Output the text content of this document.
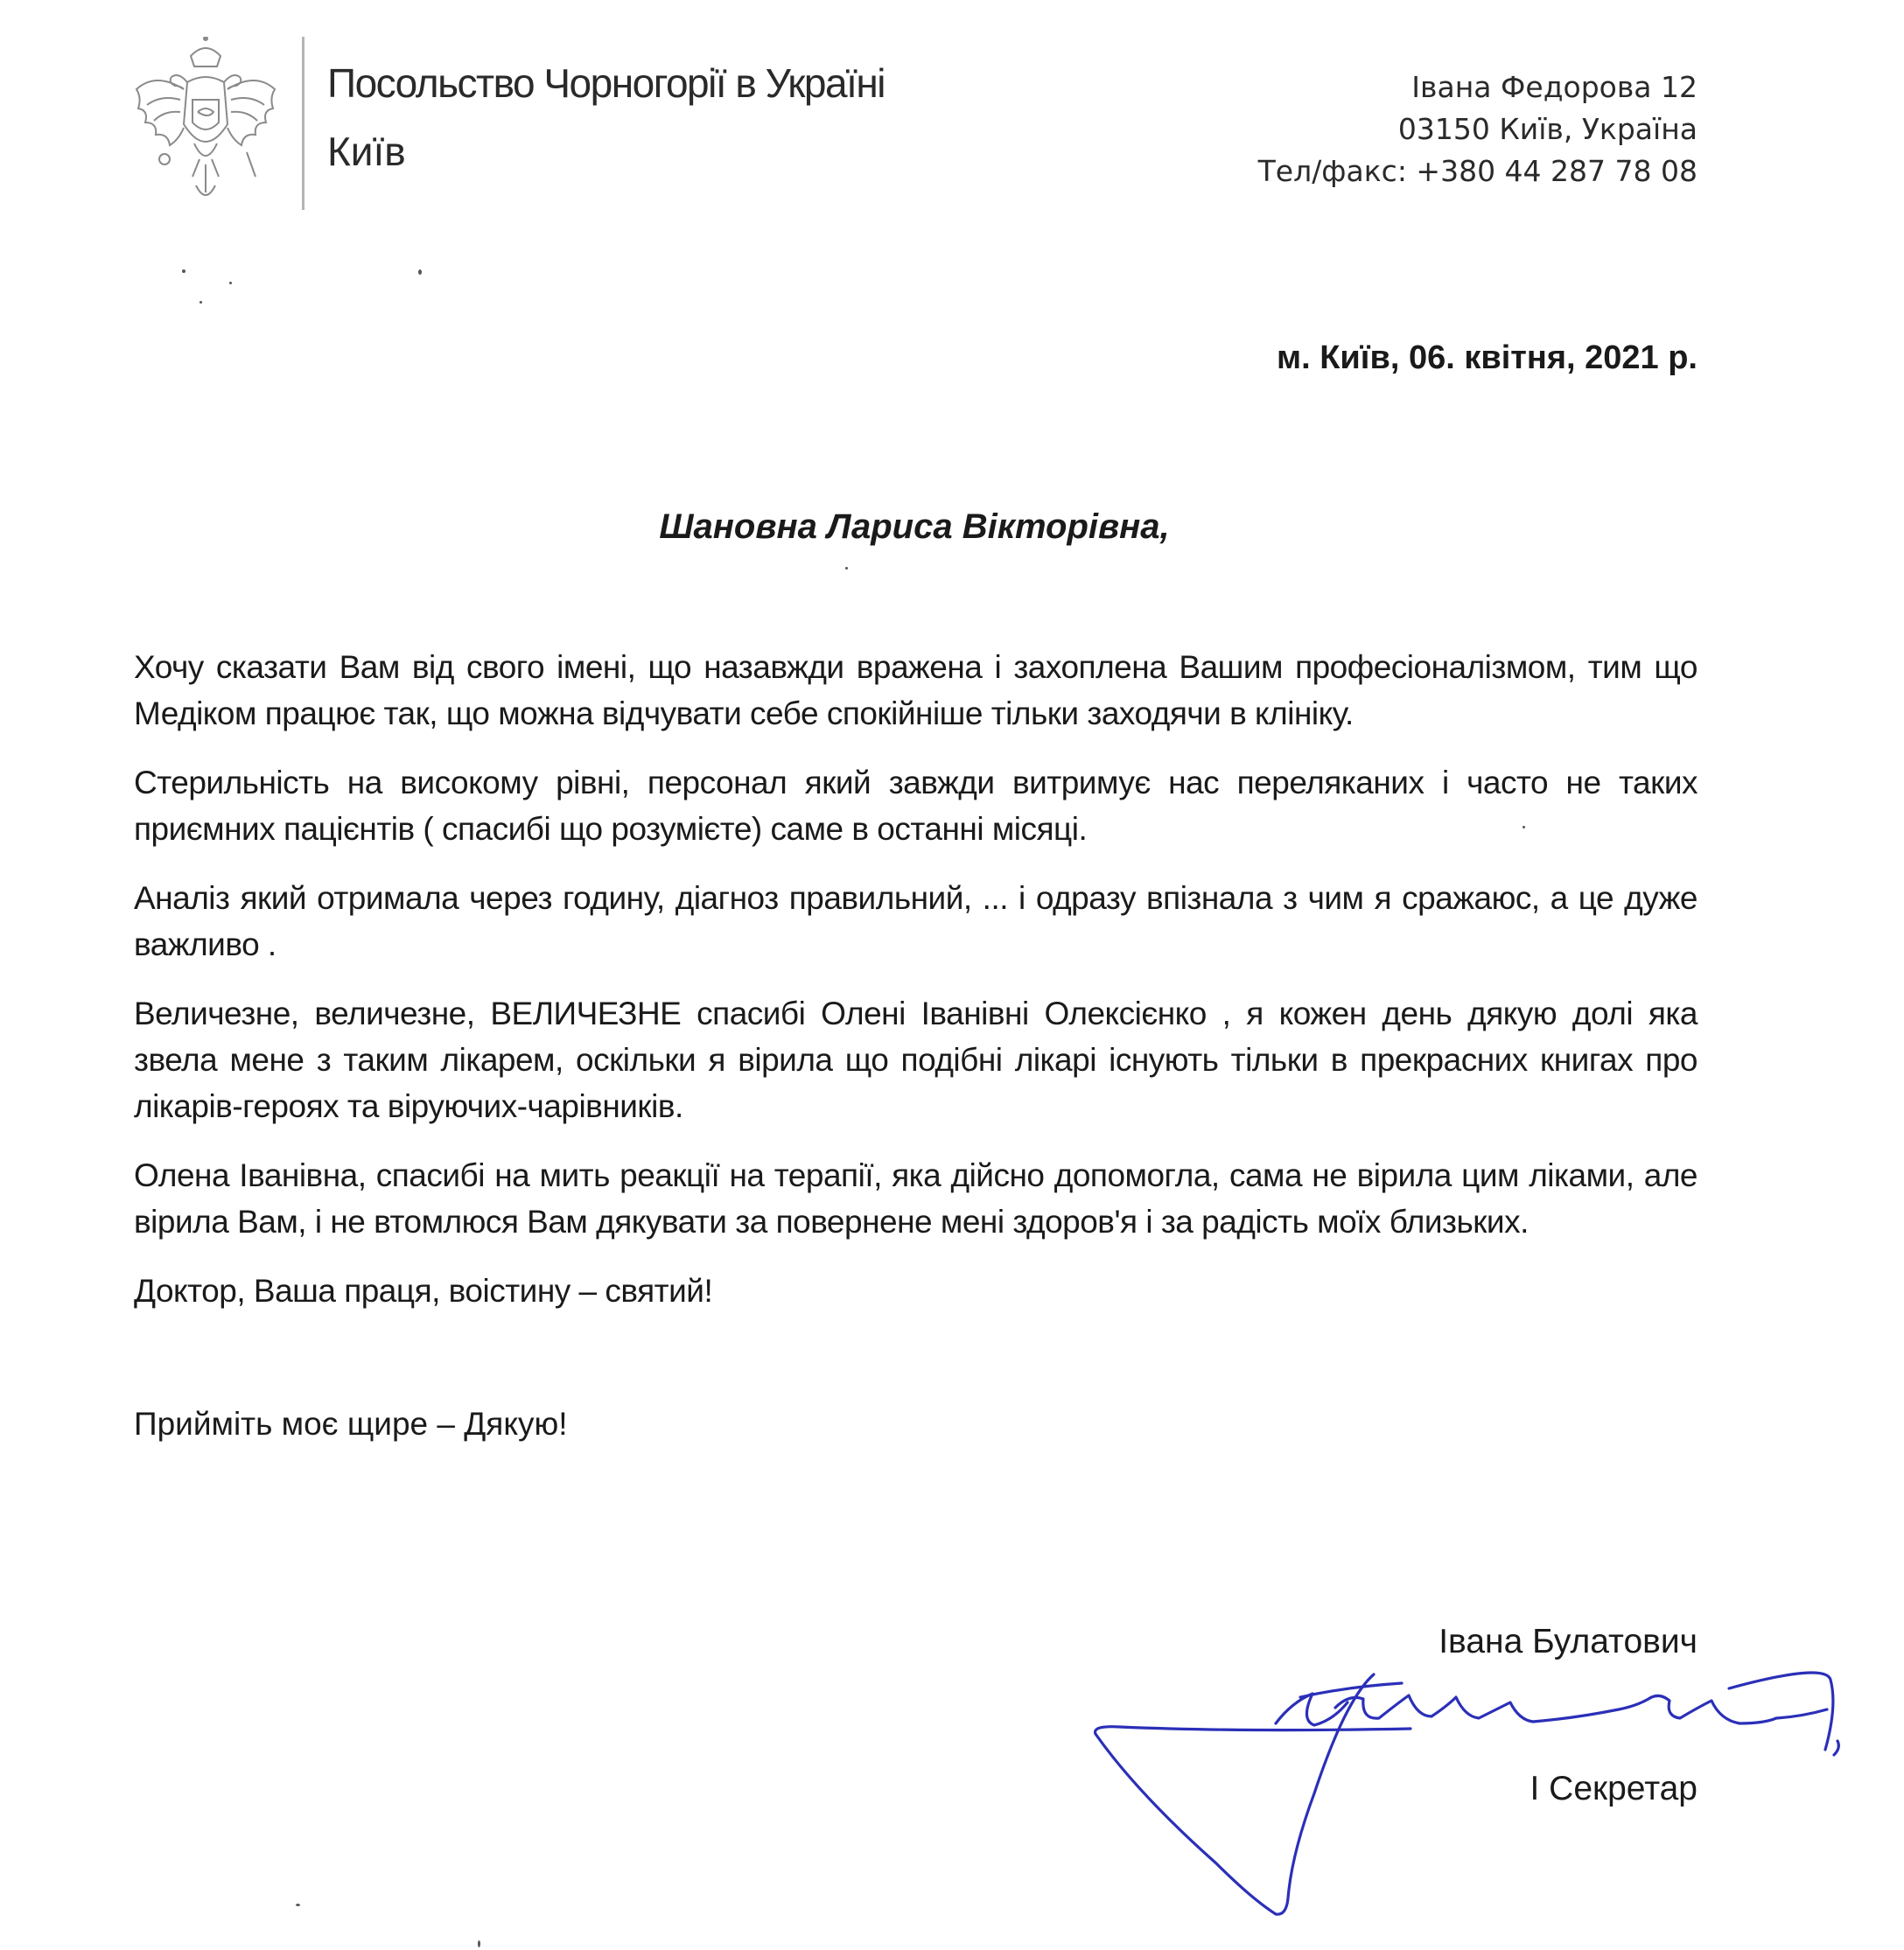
Посольство Чорногорії в Україні
Київ
Івана Федорова 12
03150 Київ, Україна
Тел/факс: +380 44 287 78 08
м. Київ, 06. квітня, 2021 р.
Шановна Лариса Вікторівна,

Хочу сказати Вам від свого імені, що назавжди вражена і захоплена Вашим професіоналізмом, тим що Медіком працює так, що можна відчувати себе спокійніше тільки заходячи в клініку.

Стерильність на високому рівні, персонал який завжди витримує нас переляканих і часто не таких приємних пацієнтів ( спасибі що розумієте) саме в останні місяці.

Аналіз який отримала через годину, діагноз правильний, ... і одразу впізнала з чим я сражаюс, а це дуже важливо .

Величезне, величезне, ВЕЛИЧЕЗНЕ спасибі Олені Іванівні Олексієнко , я кожен день дякую долі яка звела мене з таким лікарем, оскільки я вірила що подібні лікарі існують тільки в прекрасних книгах про лікарів-героях та віруючих-чарівників.

Олена Іванівна, спасибі на мить реакції на терапії, яка дійсно допомогла, сама не вірила цим ліками, але вірила Вам, і не втомлюся Вам дякувати за повернене мені здоров'я і за радість моїх близьких.

Доктор, Ваша праця, воістину – святий!

Прийміть моє щире – Дякую!
Івана Булатович
І Секретар
